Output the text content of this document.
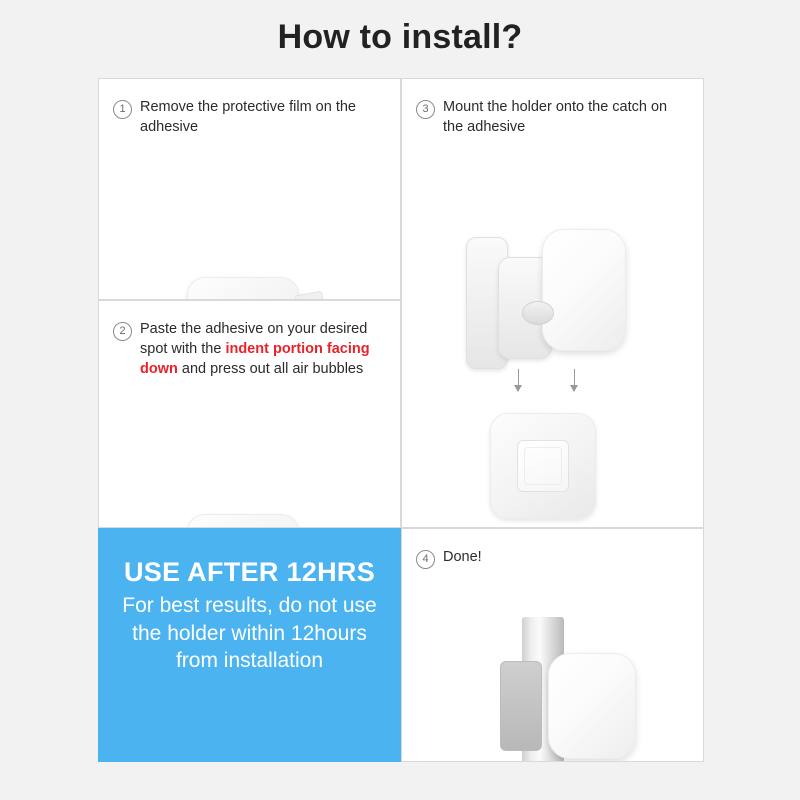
How to install?
1 Remove the protective film on the adhesive
2 Paste the adhesive on your desired spot with the indent portion facing down and press out all air bubbles
USE AFTER 12HRS
For best results, do not use the holder within 12hours from installation
3 Mount the holder onto the catch on the adhesive
4 Done!
